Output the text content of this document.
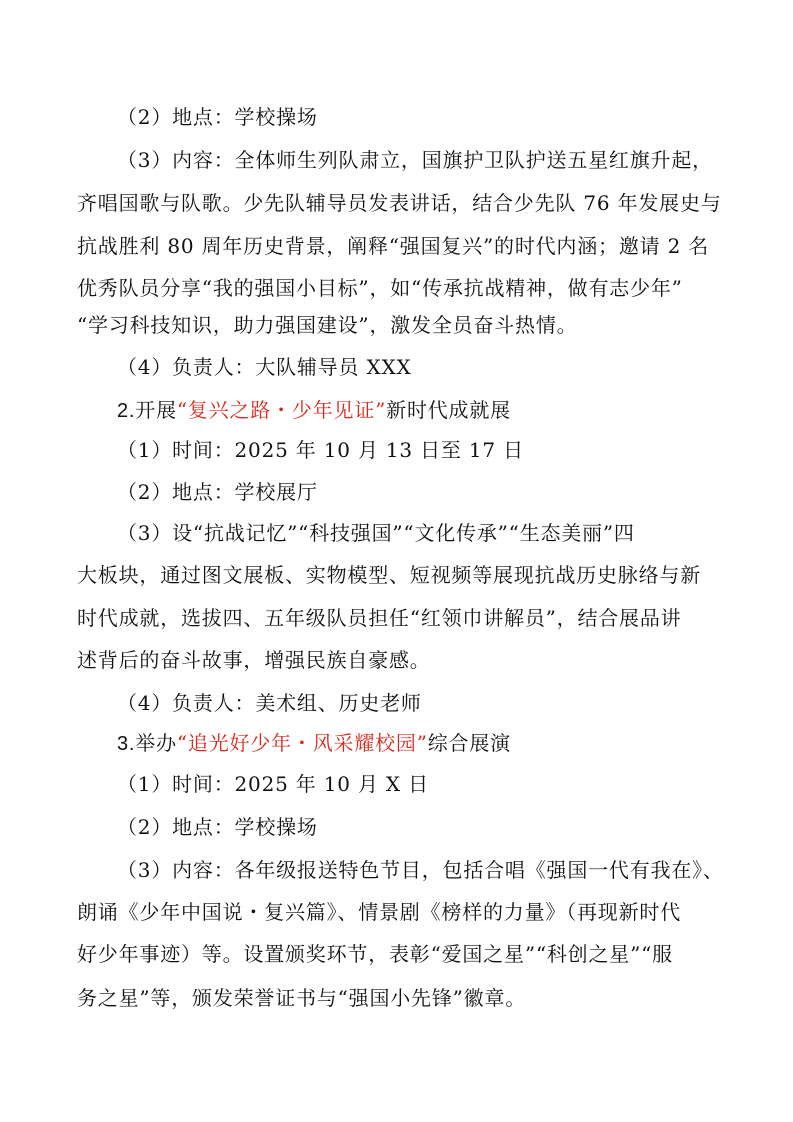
（2）地点：学校操场
（3）内容：全体师生列队肃立，国旗护卫队护送五星红旗升起，
齐唱国歌与队歌。少先队辅导员发表讲话，结合少先队 76 年发展史与
抗战胜利 80 周年历史背景，阐释“强国复兴”的时代内涵；邀请 2 名
优秀队员分享“我的强国小目标”，如“传承抗战精神，做有志少年”
“学习科技知识，助力强国建设”，激发全员奋斗热情。
（4）负责人：大队辅导员 XXX
2.开展“复兴之路・少年见证”新时代成就展
（1）时间：2025 年 10 月 13 日至 17 日
（2）地点：学校展厅
（3）设“抗战记忆”“科技强国”“文化传承”“生态美丽”四
大板块，通过图文展板、实物模型、短视频等展现抗战历史脉络与新
时代成就，选拔四、五年级队员担任“红领巾讲解员”，结合展品讲
述背后的奋斗故事，增强民族自豪感。
（4）负责人：美术组、历史老师
3.举办“追光好少年・风采耀校园”综合展演
（1）时间：2025 年 10 月 X 日
（2）地点：学校操场
（3）内容：各年级报送特色节目，包括合唱《强国一代有我在》、
朗诵《少年中国说・复兴篇》、情景剧《榜样的力量》（再现新时代
好少年事迹）等。设置颁奖环节，表彰“爱国之星”“科创之星”“服
务之星”等，颁发荣誉证书与“强国小先锋”徽章。
